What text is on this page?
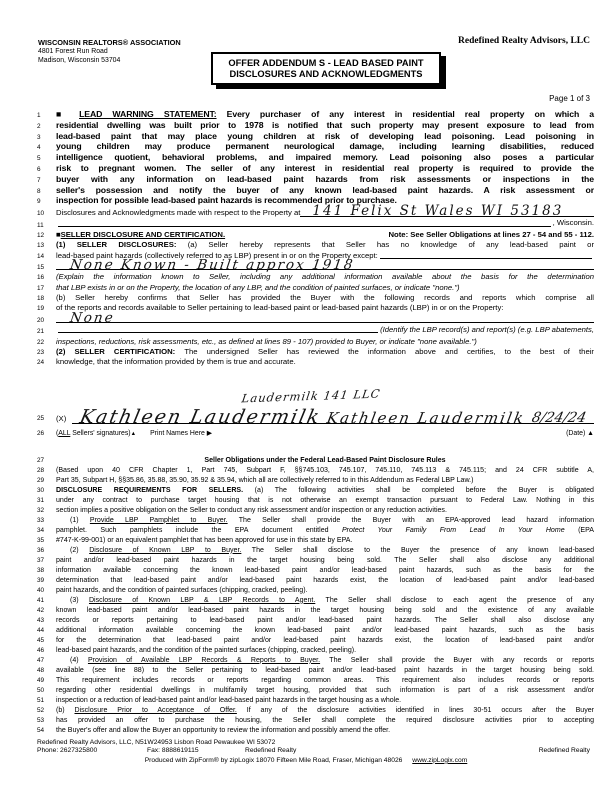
WISCONSIN REALTORS® ASSOCIATION
4801 Forest Run Road
Madison, Wisconsin 53704
Redefined Realty Advisors, LLC
OFFER ADDENDUM S - LEAD BASED PAINT
DISCLOSURES AND ACKNOWLEDGMENTS
Page 1 of 3
1	■ LEAD WARNING STATEMENT: Every purchaser of any interest in residential real property on which a
2	residential dwelling was built prior to 1978 is notified that such property may present exposure to lead from
3	lead-based paint that may place young children at risk of developing lead poisoning. Lead poisoning in
4	young children may produce permanent neurological damage, including learning disabilities, reduced
5	intelligence quotient, behavioral problems, and impaired memory. Lead poisoning also poses a particular
6	risk to pregnant women. The seller of any interest in residential real property is required to provide the
7	buyer with any information on lead-based paint hazards from risk assessments or inspections in the
8	seller's possession and notify the buyer of any known lead-based paint hazards. A risk assessment or
9	inspection for possible lead-based paint hazards is recommended prior to purchase.
10	Disclosures and Acknowledgments made with respect to the Property at 141 Felix St Wales WI 53183
11	, Wisconsin.
12	■ SELLER DISCLOSURE AND CERTIFICATION.	Note: See Seller Obligations at lines 27 - 54 and 55 - 112.
13	(1) SELLER DISCLOSURES: (a) Seller hereby represents that Seller has no knowledge of any lead-based paint or
14	lead-based paint hazards (collectively referred to as LBP) present in or on the Property except:
15	None Known - Built approx 1918
16	(Explain the information known to Seller, including any additional information available about the basis for the determination
17	that LBP exists in or on the Property, the location of any LBP, and the condition of painted surfaces, or indicate "none.")
18	(b) Seller hereby confirms that Seller has provided the Buyer with the following records and reports which comprise all
19	of the reports and records available to Seller pertaining to lead-based paint or lead-based paint hazards (LBP) in or on the Property:
20	None
21	(Identify the LBP record(s) and report(s) (e.g. LBP abatements,
22	inspections, reductions, risk assessments, etc., as defined at lines 89 - 107) provided to Buyer, or indicate "none available.")
23	(2) SELLER CERTIFICATION: The undersigned Seller has reviewed the information above and certifies, to the best of their
24	knowledge, that the information provided by them is true and accurate.
Laudermilk 141 LLC
25	(X) Kathleen Laudermilk Kathleen Laudermilk 8/24/24
26	(ALL Sellers' signatures)▲ Print Names Here ▶	(Date) ▲
27	Seller Obligations under the Federal Lead-Based Paint Disclosure Rules
28	(Based upon 40 CFR Chapter 1, Part 745, Subpart F, §§745.103, 745.107, 745.110, 745.113 & 745.115; and 24 CFR subtitle A,
29	Part 35, Subpart H, §§35.86, 35.88, 35.90, 35.92 & 35.94, which all are collectively referred to in this Addendum as Federal LBP Law.)
30	DISCLOSURE REQUIREMENTS FOR SELLERS. (a) The following activities shall be completed before the Buyer is obligated
31	under any contract to purchase target housing that is not otherwise an exempt transaction pursuant to Federal Law. Nothing in this
32	section implies a positive obligation on the Seller to conduct any risk assessment and/or inspection or any reduction activities.
33	(1) Provide LBP Pamphlet to Buyer. The Seller shall provide the Buyer with an EPA-approved lead hazard information
34	pamphlet. Such pamphlets include the EPA document entitled Protect Your Family From Lead In Your Home (EPA
35	#747-K-99-001) or an equivalent pamphlet that has been approved for use in this state by EPA.
36	(2) Disclosure of Known LBP to Buyer. The Seller shall disclose to the Buyer the presence of any known lead-based
37	paint and/or lead-based paint hazards in the target housing being sold. The Seller shall also disclose any additional
38	information available concerning the known lead-based paint and/or lead-based paint hazards, such as the basis for the
39	determination that lead-based paint and/or lead-based paint hazards exist, the location of lead-based paint and/or lead-based
40	paint hazards, and the condition of painted surfaces (chipping, cracked, peeling).
41	(3) Disclosure of Known LBP & LBP Records to Agent. The Seller shall disclose to each agent the presence of any
42	known lead-based paint and/or lead-based paint hazards in the target housing being sold and the existence of any available
43	records or reports pertaining to lead-based paint and/or lead-based paint hazards. The Seller shall also disclose any
44	additional information available concerning the known lead-based paint and/or lead-based paint hazards, such as the basis
45	for the determination that lead-based paint and/or lead-based paint hazards exist, the location of lead-based paint and/or
46	lead-based paint hazards, and the condition of the painted surfaces (chipping, cracked, peeling).
47	(4) Provision of Available LBP Records & Reports to Buyer. The Seller shall provide the Buyer with any records or reports
48	available (see line 88) to the Seller pertaining to lead-based paint and/or lead-based paint hazards in the target housing being sold.
49	This requirement includes records or reports regarding common areas. This requirement also includes records or reports
50	regarding other residential dwellings in multifamily target housing, provided that such information is part of a risk assessment and/or
51	inspection or a reduction of lead-based paint and/or lead-based paint hazards in the target housing as a whole.
52	(b) Disclosure Prior to Acceptance of Offer. If any of the disclosure activities identified in lines 30-51 occurs after the Buyer
53	has provided an offer to purchase the housing, the Seller shall complete the required disclosure activities prior to accepting
54	the Buyer's offer and allow the Buyer an opportunity to review the information and possibly amend the offer.
Redefined Realty Advisors, LLC, N51W24953 Lisbon Road Pewaukee WI 53072
Phone: 2627325800	Fax: 8888619115	Redefined Realty	Redefined Realty
Produced with ZipForm® by zipLogix 18070 Fifteen Mile Road, Fraser, Michigan 48026 www.zipLogix.com
